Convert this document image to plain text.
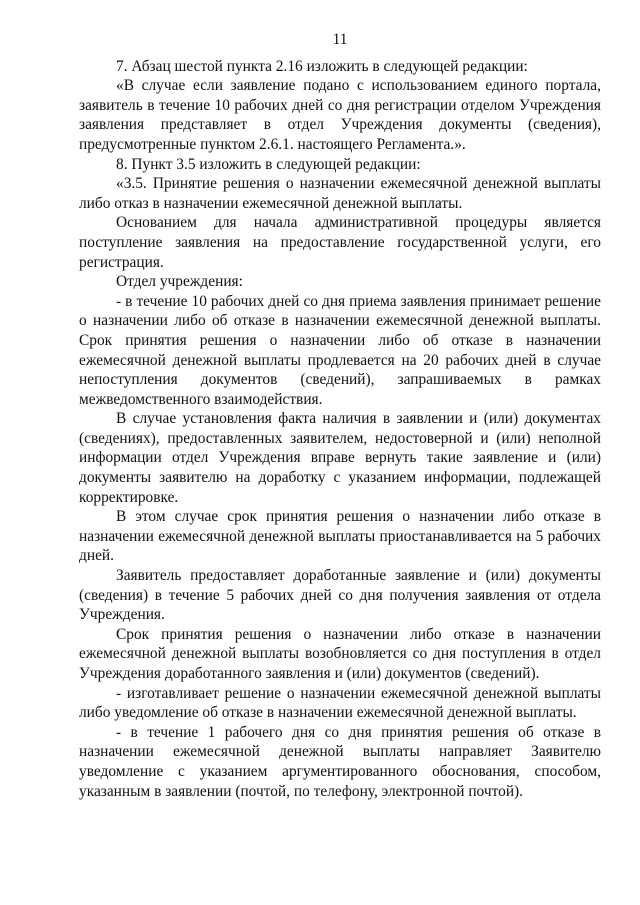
11

7. Абзац шестой пункта 2.16 изложить в следующей редакции:

«В случае если заявление подано с использованием единого портала, заявитель в течение 10 рабочих дней со дня регистрации отделом Учреждения заявления представляет в отдел Учреждения документы (сведения), предусмотренные пунктом 2.6.1. настоящего Регламента.».

8. Пункт 3.5 изложить в следующей редакции:

«3.5. Принятие решения о назначении ежемесячной денежной выплаты либо отказ в назначении ежемесячной денежной выплаты.

Основанием для начала административной процедуры является поступление заявления на предоставление государственной услуги, его регистрация.

Отдел учреждения:

- в течение 10 рабочих дней со дня приема заявления принимает решение о назначении либо об отказе в назначении ежемесячной денежной выплаты. Срок принятия решения о назначении либо об отказе в назначении ежемесячной денежной выплаты продлевается на 20 рабочих дней в случае непоступления документов (сведений), запрашиваемых в рамках межведомственного взаимодействия.

В случае установления факта наличия в заявлении и (или) документах (сведениях), предоставленных заявителем, недостоверной и (или) неполной информации отдел Учреждения вправе вернуть такие заявление и (или) документы заявителю на доработку с указанием информации, подлежащей корректировке.

В этом случае срок принятия решения о назначении либо отказе в назначении ежемесячной денежной выплаты приостанавливается на 5 рабочих дней.

Заявитель предоставляет доработанные заявление и (или) документы (сведения) в течение 5 рабочих дней со дня получения заявления от отдела Учреждения.

Срок принятия решения о назначении либо отказе в назначении ежемесячной денежной выплаты возобновляется со дня поступления в отдел Учреждения доработанного заявления и (или) документов (сведений).

- изготавливает решение о назначении ежемесячной денежной выплаты либо уведомление об отказе в назначении ежемесячной денежной выплаты.

- в течение 1 рабочего дня со дня принятия решения об отказе в назначении ежемесячной денежной выплаты направляет Заявителю уведомление с указанием аргументированного обоснования, способом, указанным в заявлении (почтой, по телефону, электронной почтой).
